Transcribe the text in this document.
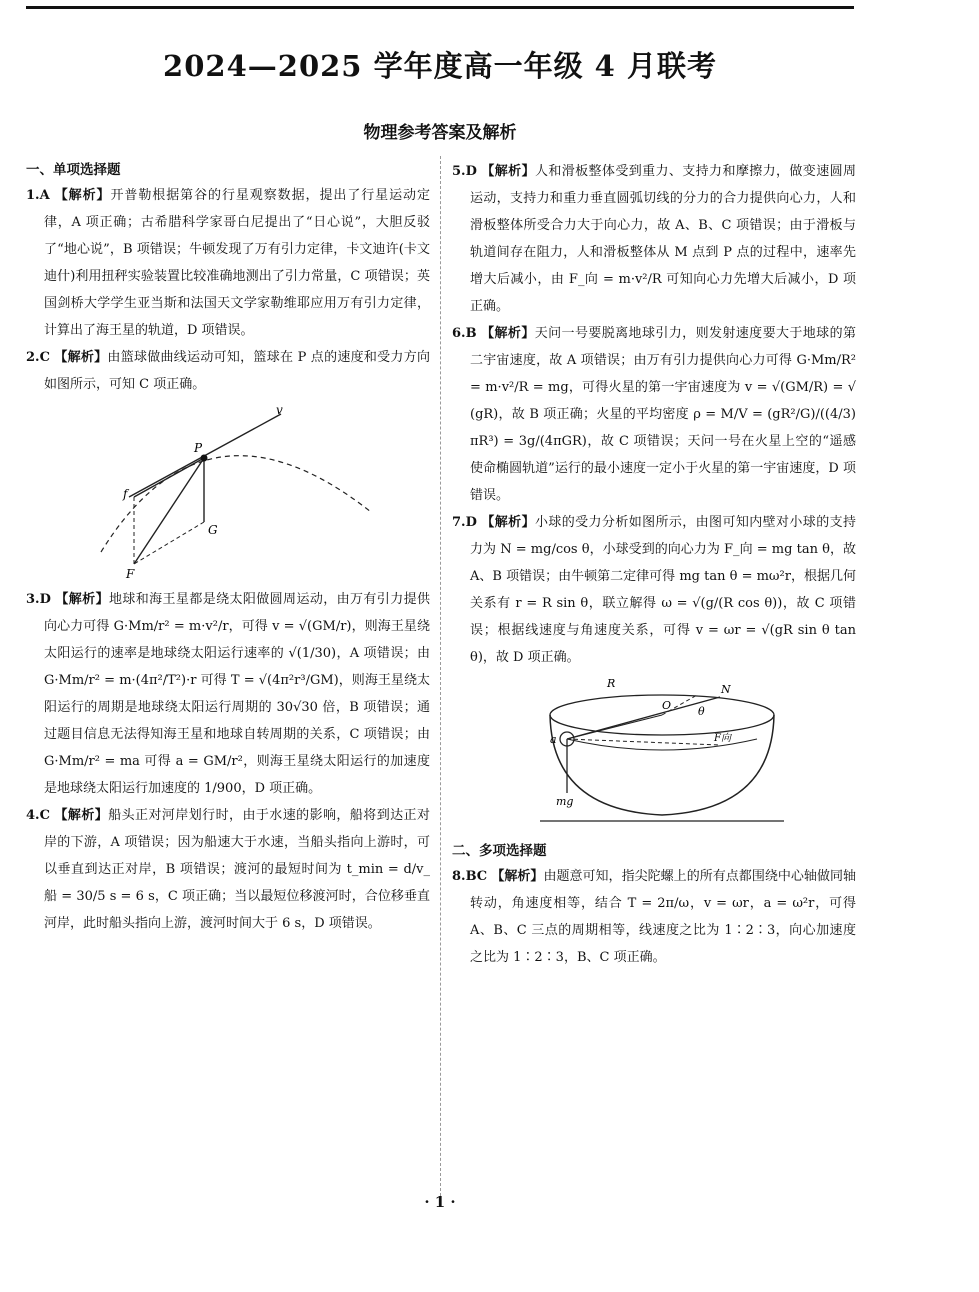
2024—2025 学年度高一年级 4 月联考
物理参考答案及解析
一、单项选择题

1.A 【解析】开普勒根据第谷的行星观察数据，提出了行星运动定律，A 项正确；古希腊科学家哥白尼提出了“日心说”，大胆反驳了“地心说”，B 项错误；牛顿发现了万有引力定律，卡文迪许(卡文迪什)利用扭秤实验装置比较准确地测出了引力常量，C 项错误；英国剑桥大学学生亚当斯和法国天文学家勒维耶应用万有引力定律，计算出了海王星的轨道，D 项错误。

2.C 【解析】由篮球做曲线运动可知，篮球在 P 点的速度和受力方向如图所示，可知 C 项正确。

v
P
f
G
F

3.D 【解析】地球和海王星都是绕太阳做圆周运动，由万有引力提供向心力可得 G·Mm/r² = m·v²/r，可得 v = √(GM/r)，则海王星绕太阳运行的速率是地球绕太阳运行速率的 √(1/30)，A 项错误；由 G·Mm/r² = m·(4π²/T²)·r 可得 T = √(4π²r³/GM)，则海王星绕太阳运行的周期是地球绕太阳运行周期的 30√30 倍，B 项错误；通过题目信息无法得知海王星和地球自转周期的关系，C 项错误；由 G·Mm/r² = ma 可得 a = GM/r²，则海王星绕太阳运行的加速度是地球绕太阳运行加速度的 1/900，D 项正确。

4.C 【解析】船头正对河岸划行时，由于水速的影响，船将到达正对岸的下游，A 项错误；因为船速大于水速，当船头指向上游时，可以垂直到达正对岸，B 项错误；渡河的最短时间为 t_min = d/v_船 = 30/5 s = 6 s，C 项正确；当以最短位移渡河时，合位移垂直河岸，此时船头指向上游，渡河时间大于 6 s，D 项错误。

5.D 【解析】人和滑板整体受到重力、支持力和摩擦力，做变速圆周运动，支持力和重力垂直圆弧切线的分力的合力提供向心力，人和滑板整体所受合力大于向心力，故 A、B、C 项错误；由于滑板与轨道间存在阻力，人和滑板整体从 M 点到 P 点的过程中，速率先增大后减小，由 F_向 = m·v²/R 可知向心力先增大后减小，D 项正确。

6.B 【解析】天问一号要脱离地球引力，则发射速度要大于地球的第二宇宙速度，故 A 项错误；由万有引力提供向心力可得 G·Mm/R² = m·v²/R = mg，可得火星的第一宇宙速度为 v = √(GM/R) = √(gR)，故 B 项正确；火星的平均密度 ρ = M/V = (gR²/G)/((4/3)πR³) = 3g/(4πGR)，故 C 项错误；天问一号在火星上空的“遥感使命椭圆轨道”运行的最小速度一定小于火星的第一宇宙速度，D 项错误。

7.D 【解析】小球的受力分析如图所示，由图可知内壁对小球的支持力为 N = mg/cos θ，小球受到的向心力为 F_向 = mg tan θ，故 A、B 项错误；由牛顿第二定律可得 mg tan θ = mω²r，根据几何关系有 r = R sin θ，联立解得 ω = √(g/(R cos θ))，故 C 项错误；根据线速度与角速度关系，可得 v = ωr = √(gR sin θ tan θ)，故 D 项正确。

R
O θ
N
a	F向
mg
二、多项选择题

8.BC 【解析】由题意可知，指尖陀螺上的所有点都围绕中心轴做同轴转动，角速度相等，结合 T = 2π/ω，v = ωr，a = ω²r，可得 A、B、C 三点的周期相等，线速度之比为 1∶2∶3，向心加速度之比为 1∶2∶3，B、C 项正确。

· 1 ·
